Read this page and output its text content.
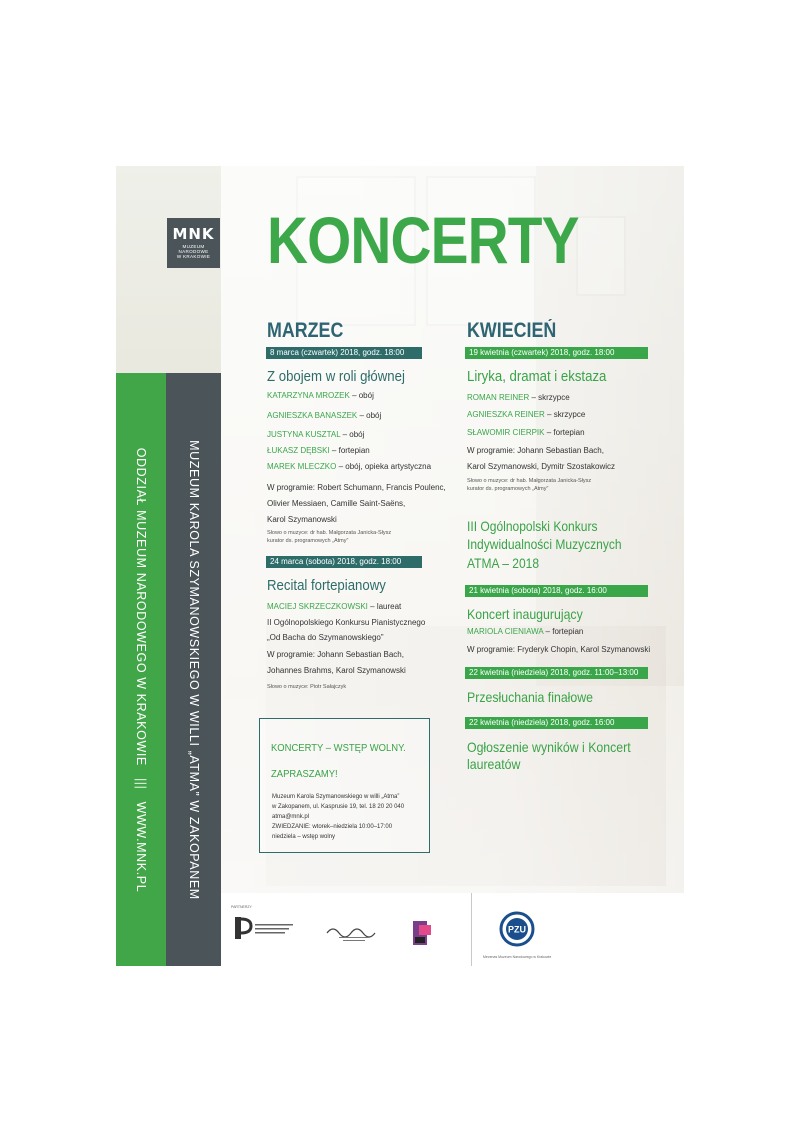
MNK
MUZEUM
NARODOWE
W KRAKOWIE KONCERTY
ODDZIAŁ MUZEUM NARODOWEGO W KRAKOWIE ||| WWW.MNK.PL	MUZEUM KAROLA SZYMANOWSKIEGO W WILLI „ATMA” W ZAKOPANEM
MARZEC
8 marca (czwartek) 2018, godz. 18:00
Z obojem w roli głównej
KATARZYNA MROZEK – obój
AGNIESZKA BANASZEK – obój
JUSTYNA KUSZTAL – obój
ŁUKASZ DĘBSKI – fortepian
MAREK MLECZKO – obój, opieka artystyczna
W programie: Robert Schumann, Francis Poulenc,
Olivier Messiaen, Camille Saint-Saëns,
Karol Szymanowski
Słowo o muzyce: dr hab. Małgorzata Janicka-Słysz
kurator ds. programowych „Atmy”
24 marca (sobota) 2018, godz. 18:00
Recital fortepianowy
MACIEJ SKRZECZKOWSKI – laureat
II Ogólnopolskiego Konkursu Pianistycznego
„Od Bacha do Szymanowskiego”
W programie: Johann Sebastian Bach,
Johannes Brahms, Karol Szymanowski
Słowo o muzyce: Piotr Sałajczyk
KWIECIEŃ
19 kwietnia (czwartek) 2018, godz. 18:00
Liryka, dramat i ekstaza
ROMAN REINER – skrzypce
AGNIESZKA REINER – skrzypce
SŁAWOMIR CIERPIK – fortepian
W programie: Johann Sebastian Bach,
Karol Szymanowski, Dymitr Szostakowicz
Słowo o muzyce: dr hab. Małgorzata Janicka-Słysz
kurator ds. programowych „Atmy”
III Ogólnopolski Konkurs
Indywidualności Muzycznych
ATMA – 2018
21 kwietnia (sobota) 2018, godz. 16:00
Koncert inaugurujący
MARIOLA CIENIAWA – fortepian
W programie: Fryderyk Chopin, Karol Szymanowski
22 kwietnia (niedziela) 2018, godz. 11:00–13:00
Przesłuchania finałowe
22 kwietnia (niedziela) 2018, godz. 16:00
Ogłoszenie wyników i Koncert
laureatów
KONCERTY – WSTĘP WOLNY.
ZAPRASZAMY!
Muzeum Karola Szymanowskiego w willi „Atma”
w Zakopanem, ul. Kasprusie 19, tel. 18 20 20 040
atma@mnk.pl
ZWIEDZANIE: wtorek–niedziela 10:00–17:00
niedziela – wstęp wolny
PARTNERZY
PZU
Mecenas Muzeum Narodowego w Krakowie
